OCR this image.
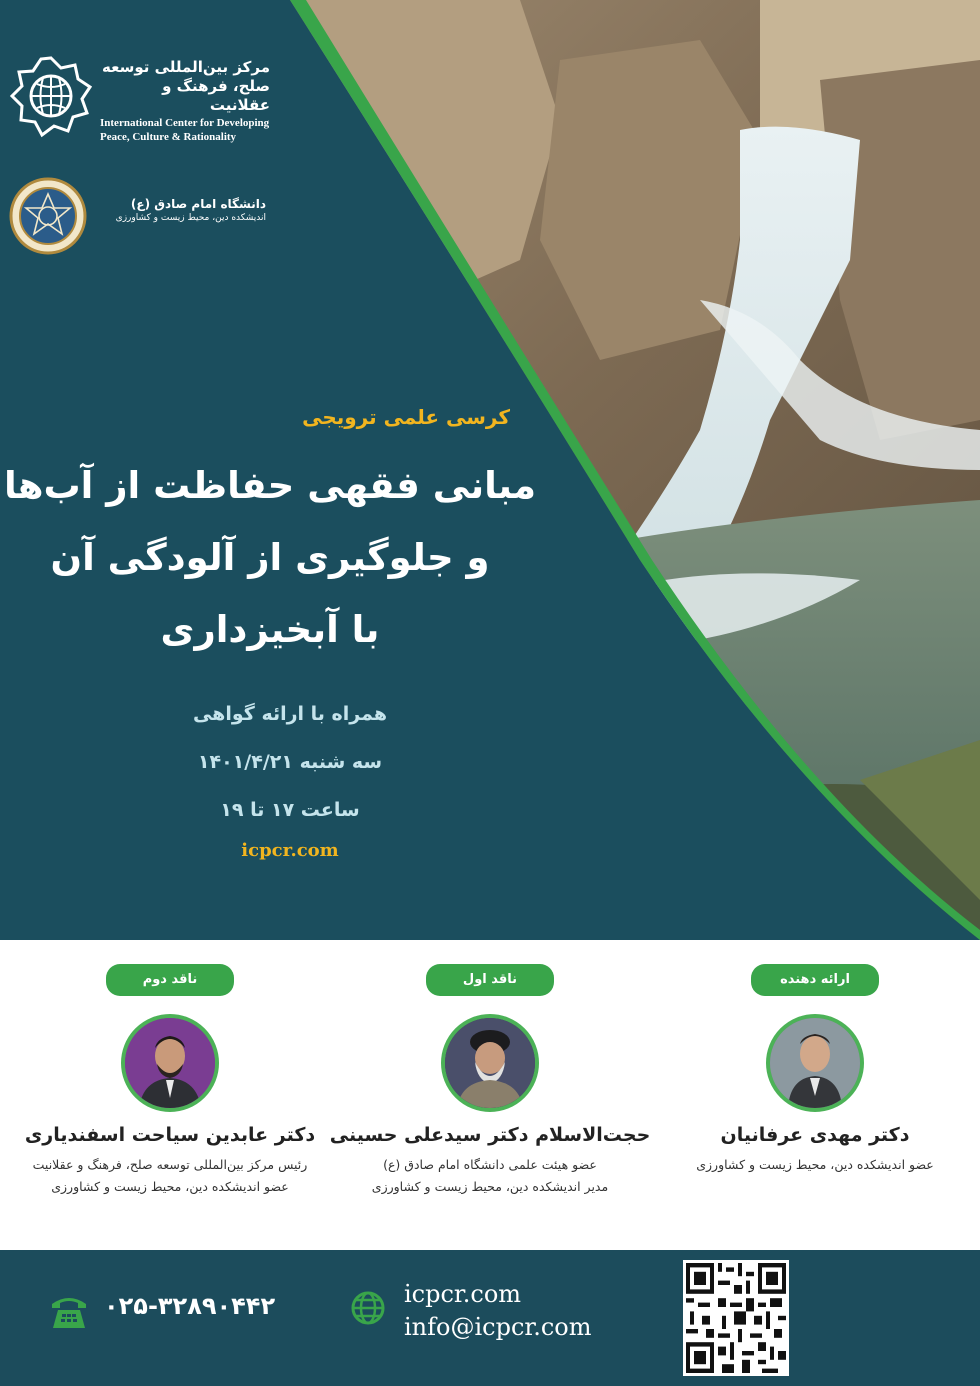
مرکز بین‌المللی توسعه
صلح، فرهنگ و عقلانیت
International Center for Developing
Peace, Culture & Rationality
دانشگاه امام صادق (ع)
اندیشکده دین، محیط زیست و کشاورزی
کرسی علمی ترویجی
مبانی فقهی حفاظت از آب‌ها
و جلوگیری از آلودگی آن
با آبخیزداری
همراه با ارائه گواهی
سه شنبه ۱۴۰۱/۴/۲۱
ساعت ۱۷ تا ۱۹
icpcr.com
ارائه دهنده
دکتر مهدی عرفانیان
عضو اندیشکده دین، محیط زیست و کشاورزی
ناقد اول
حجت‌الاسلام دکتر سیدعلی حسینی
عضو هیئت علمی دانشگاه امام صادق (ع)
مدیر اندیشکده دین، محیط زیست و کشاورزی
ناقد دوم
دکتر عابدین سیاحت اسفندیاری
رئیس مرکز بین‌المللی توسعه صلح، فرهنگ و عقلانیت
عضو اندیشکده دین، محیط زیست و کشاورزی
۰۲۵-۳۲۸۹۰۴۴۲	icpcr.com
info@icpcr.com
